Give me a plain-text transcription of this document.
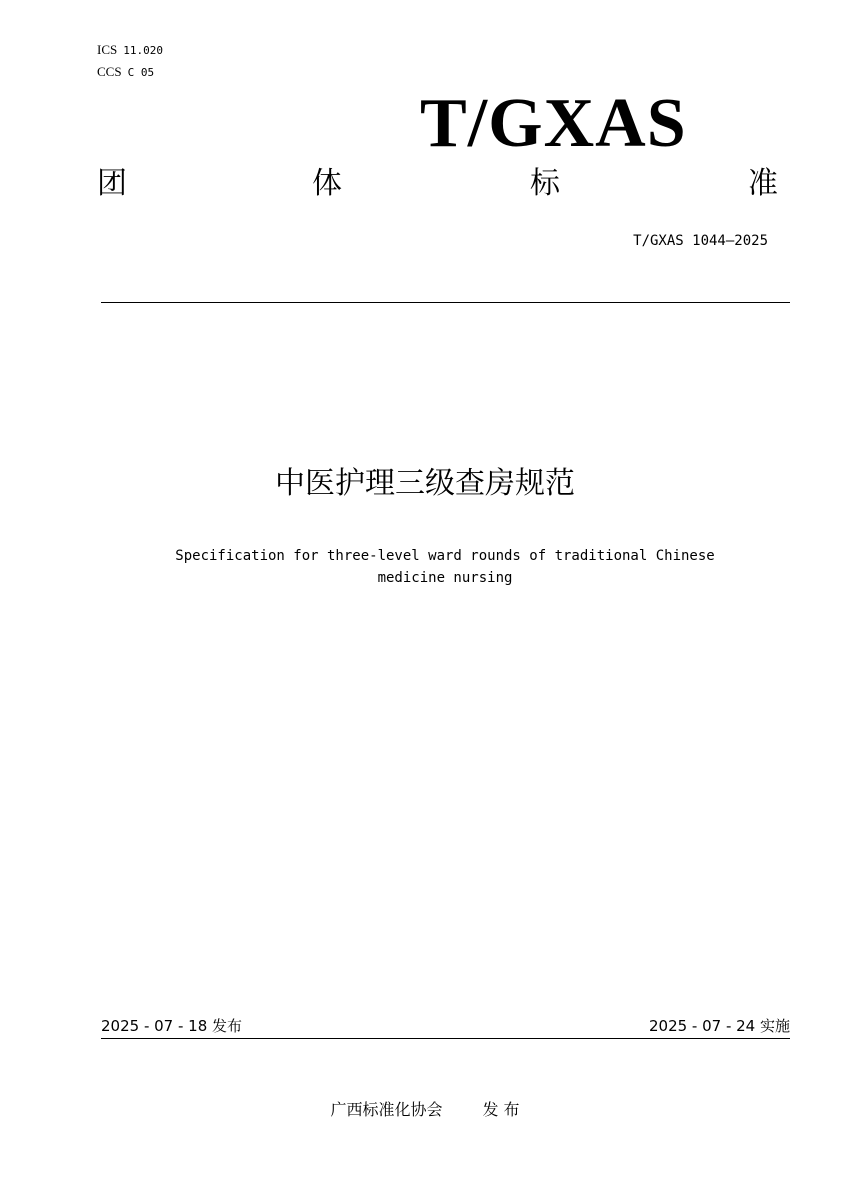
ICS 11.020
CCS C 05
T/GXAS
团	体	标	准
T/GXAS 1044—2025
中医护理三级查房规范
Specification for three-level ward rounds of traditional Chinese
medicine nursing
2025 - 07 - 18 发布	2025 - 07 - 24 实施
广西标准化协会	发 布
